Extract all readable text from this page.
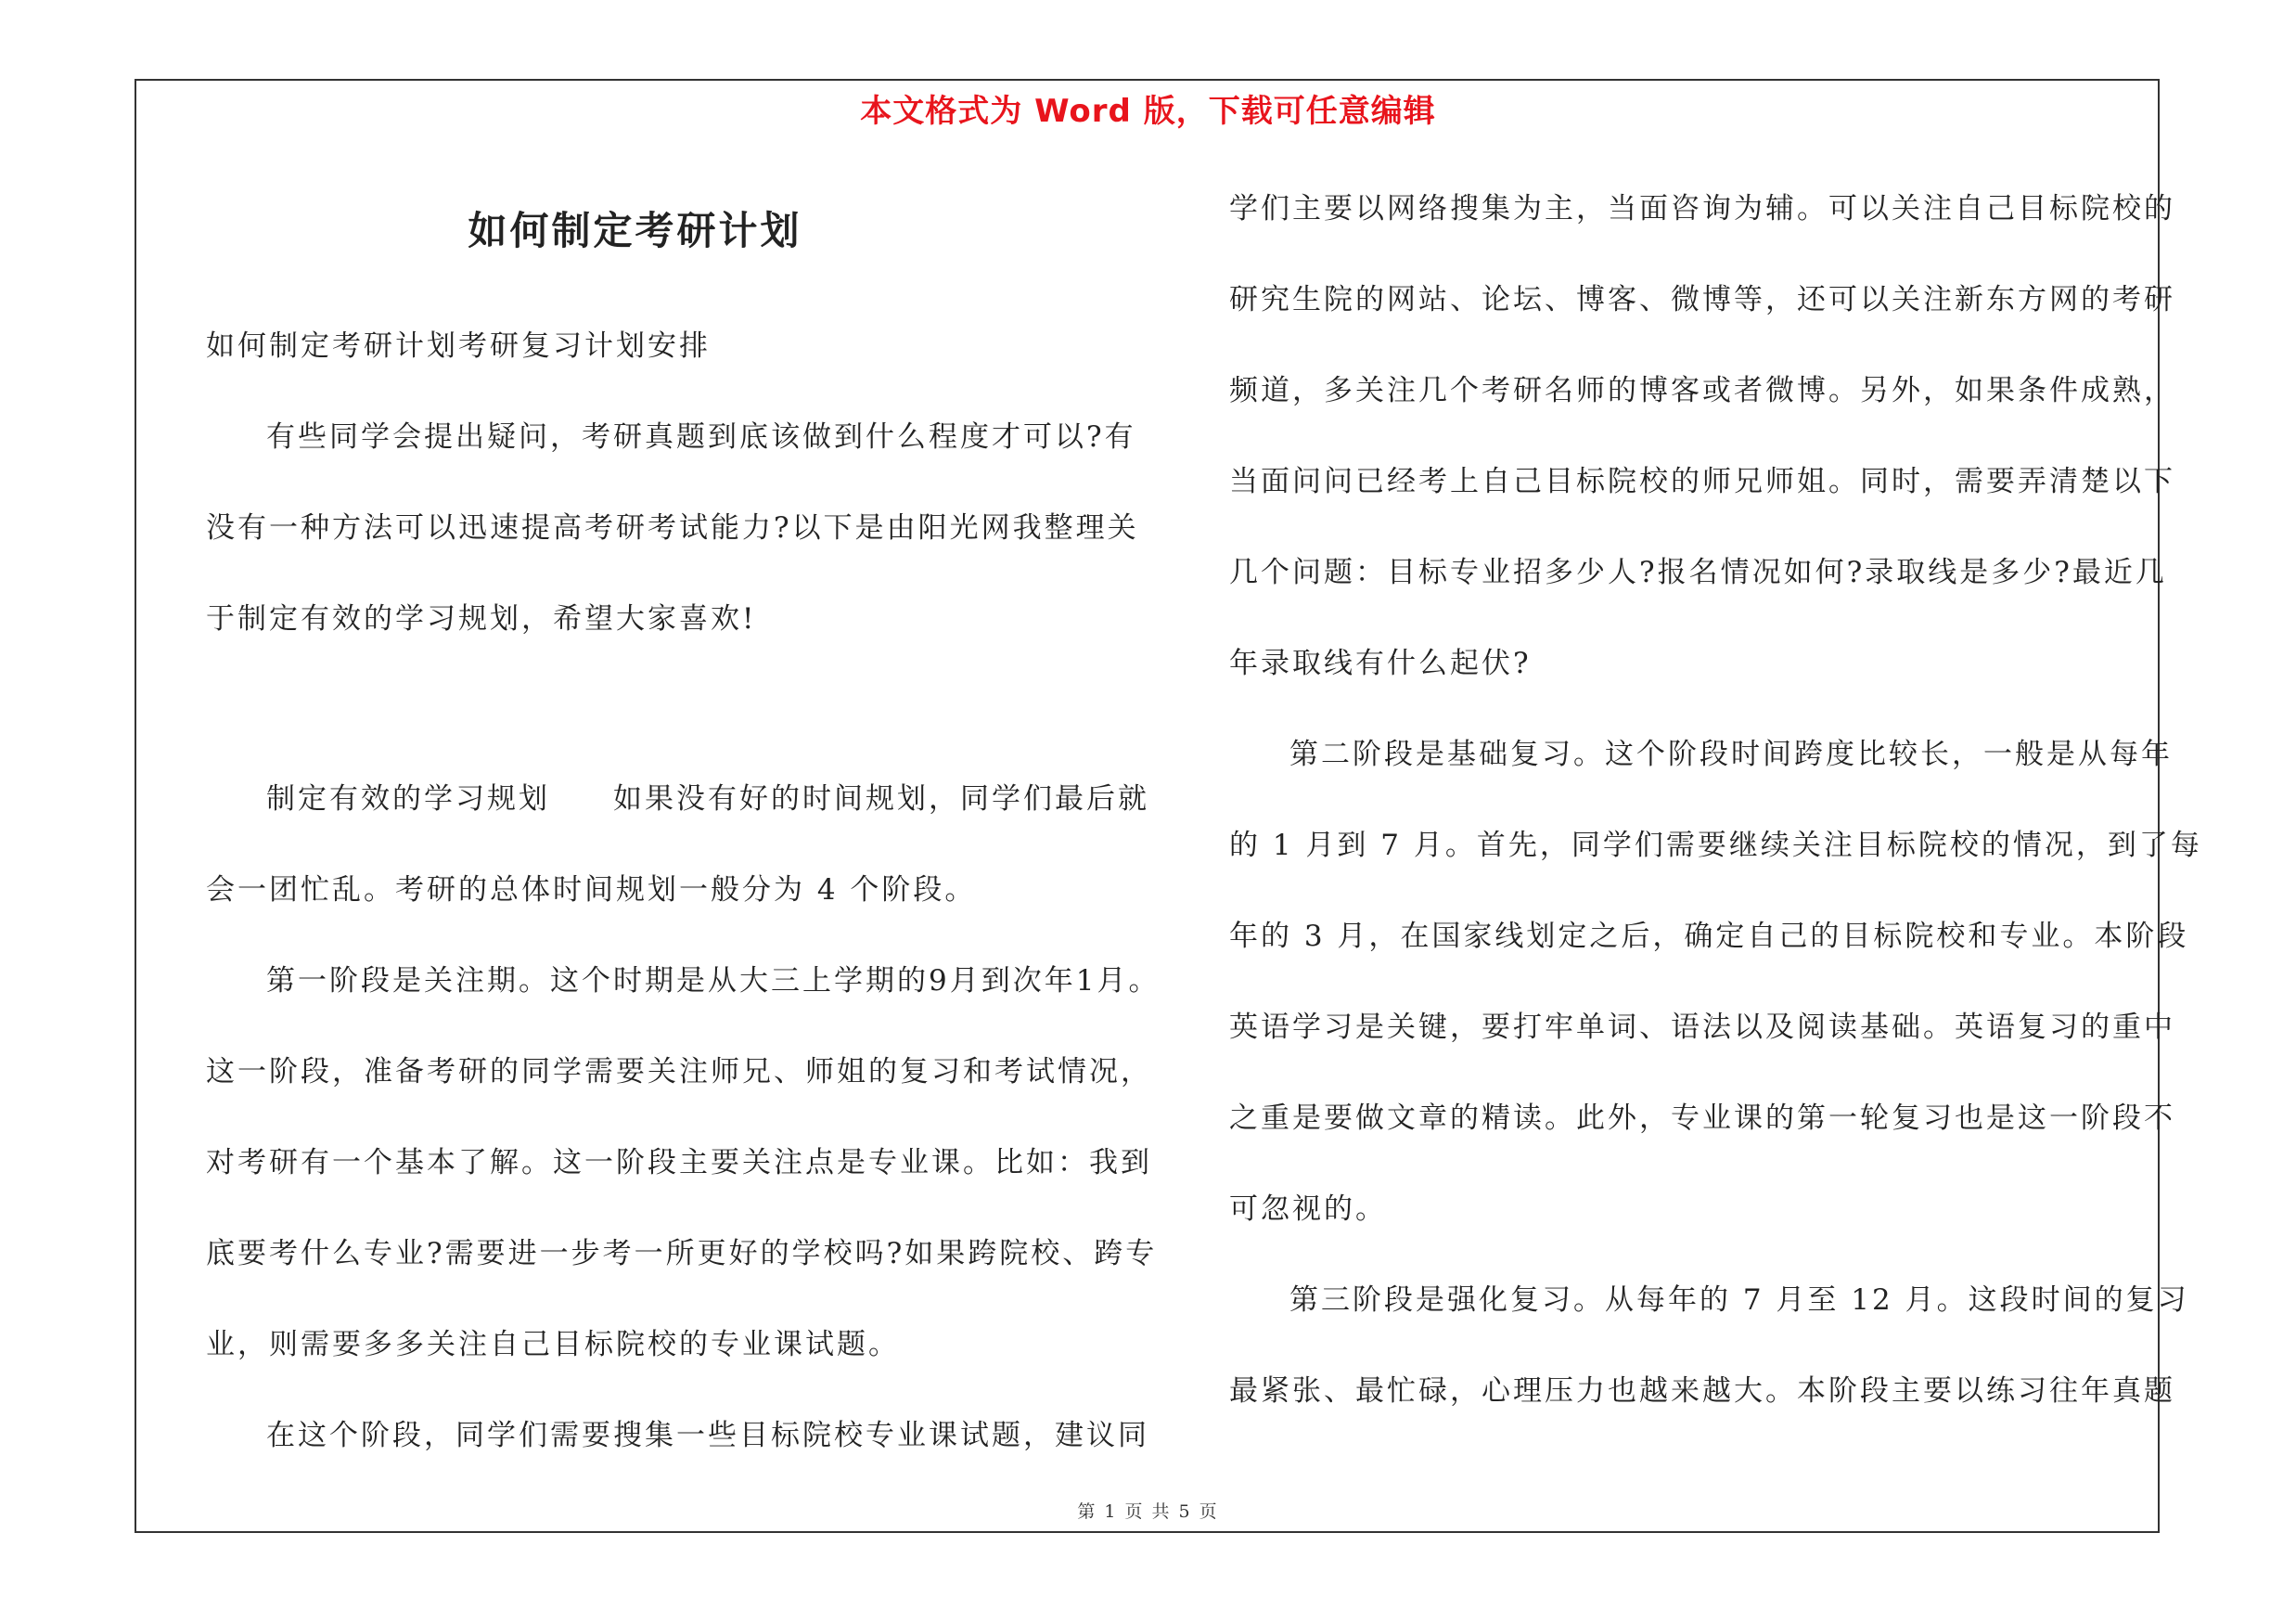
本文格式为 Word 版，下载可任意编辑
如何制定考研计划
如何制定考研计划考研复习计划安排
有些同学会提出疑问，考研真题到底该做到什么程度才可以?有
没有一种方法可以迅速提高考研考试能力?以下是由阳光网我整理关
于制定有效的学习规划，希望大家喜欢!
制定有效的学习规划　　如果没有好的时间规划，同学们最后就
会一团忙乱。考研的总体时间规划一般分为 4 个阶段。
第一阶段是关注期。这个时期是从大三上学期的9月到次年1月。
这一阶段，准备考研的同学需要关注师兄、师姐的复习和考试情况，
对考研有一个基本了解。这一阶段主要关注点是专业课。比如：我到
底要考什么专业?需要进一步考一所更好的学校吗?如果跨院校、跨专
业，则需要多多关注自己目标院校的专业课试题。
在这个阶段，同学们需要搜集一些目标院校专业课试题，建议同
学们主要以网络搜集为主，当面咨询为辅。可以关注自己目标院校的
研究生院的网站、论坛、博客、微博等，还可以关注新东方网的考研
频道，多关注几个考研名师的博客或者微博。另外，如果条件成熟，
当面问问已经考上自己目标院校的师兄师姐。同时，需要弄清楚以下
几个问题：目标专业招多少人?报名情况如何?录取线是多少?最近几
年录取线有什么起伏?
第二阶段是基础复习。这个阶段时间跨度比较长，一般是从每年
的 1 月到 7 月。首先，同学们需要继续关注目标院校的情况，到了每
年的 3 月，在国家线划定之后，确定自己的目标院校和专业。本阶段
英语学习是关键，要打牢单词、语法以及阅读基础。英语复习的重中
之重是要做文章的精读。此外，专业课的第一轮复习也是这一阶段不
可忽视的。
第三阶段是强化复习。从每年的 7 月至 12 月。这段时间的复习
最紧张、最忙碌，心理压力也越来越大。本阶段主要以练习往年真题
第 1 页 共 5 页
